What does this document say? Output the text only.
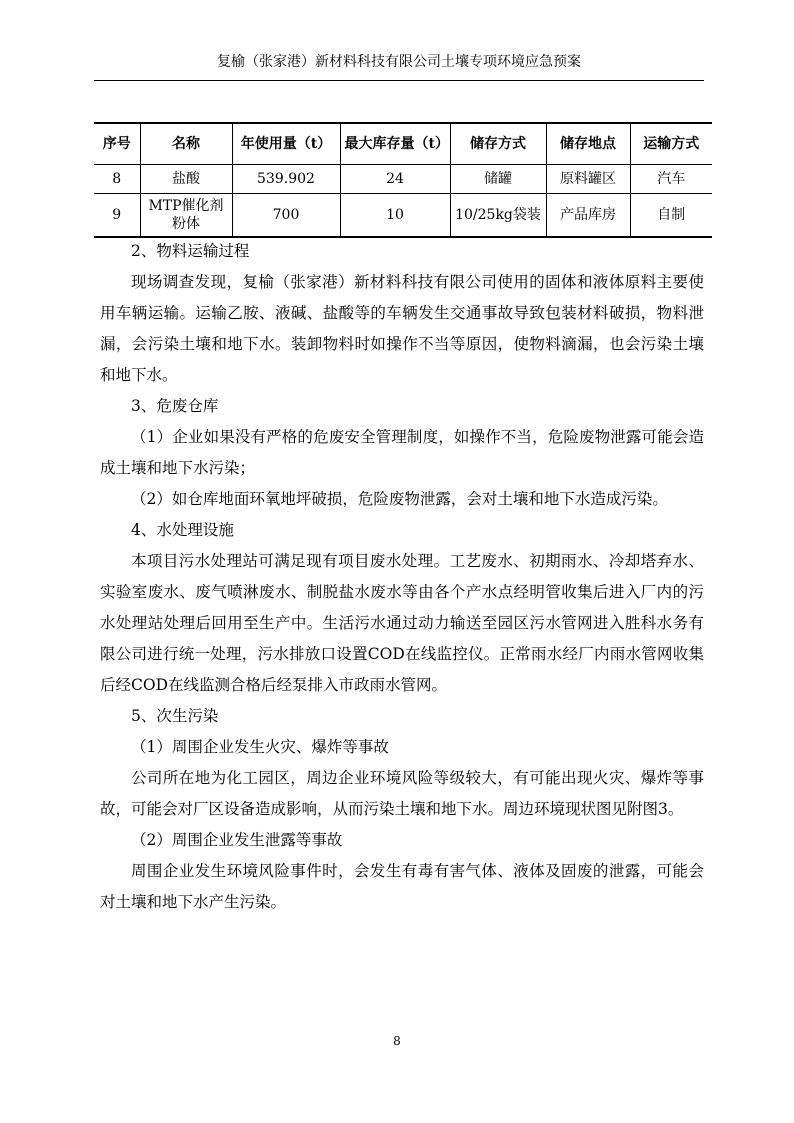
复榆（张家港）新材料科技有限公司土壤专项环境应急预案
序号	名称	年使用量（t）	最大库存量（t）	储存方式	储存地点	运输方式
8	盐酸	539.902	24	储罐	原料罐区	汽车
9	MTP催化剂粉体	700	10	10/25kg袋装	产品库房	自制

2、物料运输过程

现场调查发现，复榆（张家港）新材料科技有限公司使用的固体和液体原料主要使用车辆运输。运输乙胺、液碱、盐酸等的车辆发生交通事故导致包装材料破损，物料泄漏，会污染土壤和地下水。装卸物料时如操作不当等原因，使物料滴漏，也会污染土壤和地下水。

3、危废仓库

（1）企业如果没有严格的危废安全管理制度，如操作不当，危险废物泄露可能会造成土壤和地下水污染；

（2）如仓库地面环氧地坪破损，危险废物泄露，会对土壤和地下水造成污染。

4、水处理设施

本项目污水处理站可满足现有项目废水处理。工艺废水、初期雨水、冷却塔弃水、实验室废水、废气喷淋废水、制脱盐水废水等由各个产水点经明管收集后进入厂内的污水处理站处理后回用至生产中。生活污水通过动力输送至园区污水管网进入胜科水务有限公司进行统一处理，污水排放口设置COD在线监控仪。正常雨水经厂内雨水管网收集后经COD在线监测合格后经泵排入市政雨水管网。

5、次生污染

（1）周围企业发生火灾、爆炸等事故

公司所在地为化工园区，周边企业环境风险等级较大，有可能出现火灾、爆炸等事故，可能会对厂区设备造成影响，从而污染土壤和地下水。周边环境现状图见附图3。

（2）周围企业发生泄露等事故

周围企业发生环境风险事件时，会发生有毒有害气体、液体及固废的泄露，可能会对土壤和地下水产生污染。

8
